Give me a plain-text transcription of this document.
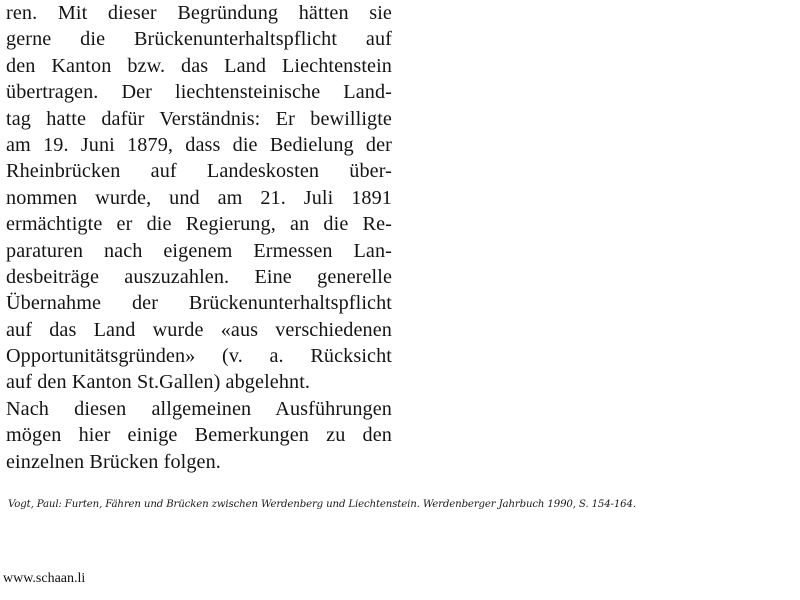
ren. Mit dieser Begründung hätten sie
gerne die Brückenunterhaltspflicht auf
den Kanton bzw. das Land Liechtenstein
übertragen. Der liechtensteinische Land-
tag hatte dafür Verständnis: Er bewilligte
am 19. Juni 1879, dass die Bedielung der
Rheinbrücken auf Landeskosten über-
nommen wurde, und am 21. Juli 1891
ermächtigte er die Regierung, an die Re-
paraturen nach eigenem Ermessen Lan-
desbeiträge auszuzahlen. Eine generelle
Übernahme der Brückenunterhaltspflicht
auf das Land wurde «aus verschiedenen
Opportunitätsgründen» (v. a. Rücksicht
auf den Kanton St.Gallen) abgelehnt.
Nach diesen allgemeinen Ausführungen
mögen hier einige Bemerkungen zu den
einzelnen Brücken folgen.
Vogt, Paul: Furten, Fähren und Brücken zwischen Werdenberg und Liechtenstein. Werdenberger Jahrbuch 1990, S. 154-164.
www.schaan.li
